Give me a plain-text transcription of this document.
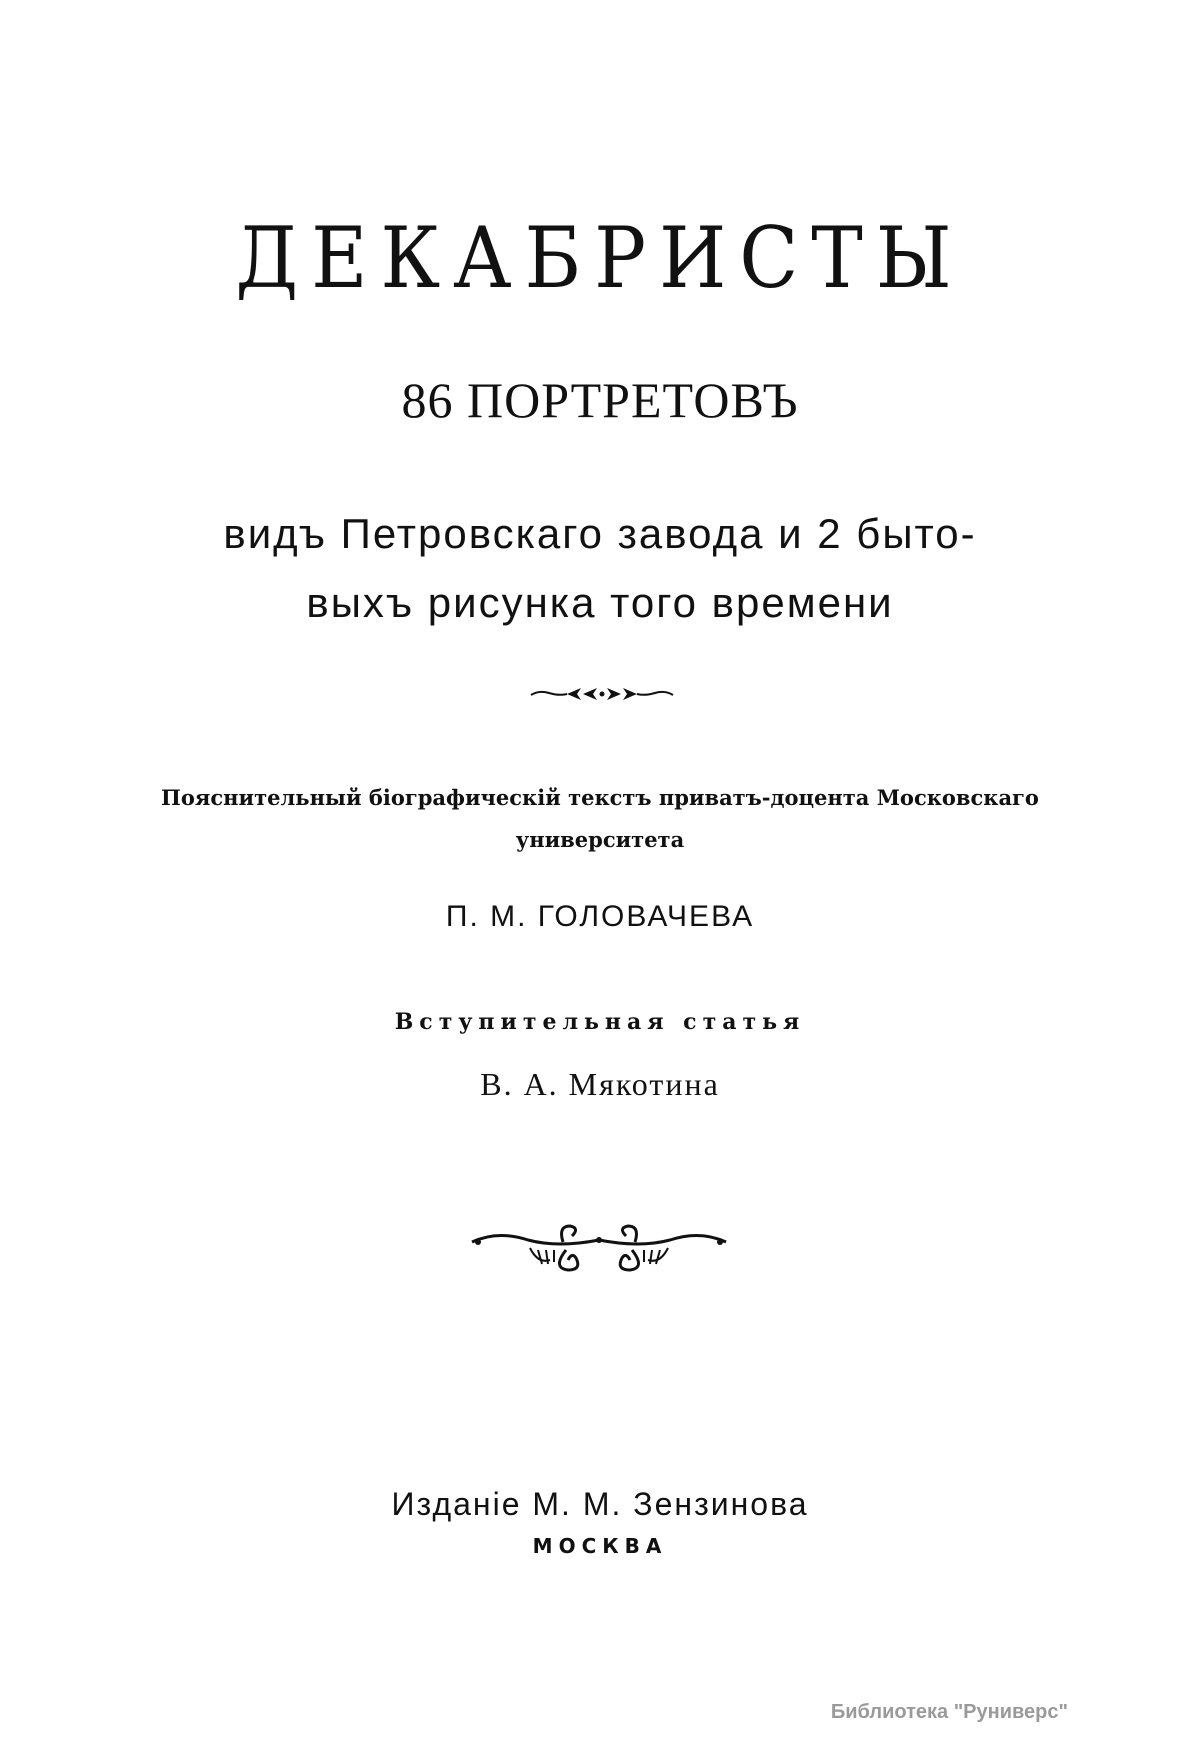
ДЕКАБРИСТЫ

86 ПОРТРЕТОВЪ

видъ Петровскаго завода и 2 быто-

выхъ рисунка того времени

Пояснительный біографическій текстъ приватъ-доцента Московскаго

университета

П. М. ГОЛОВАЧЕВА

Вступительная статья

В. А. Мякотина

Изданіе М. М. Зензинова

МОСКВА

Библиотека "Руниверс"
